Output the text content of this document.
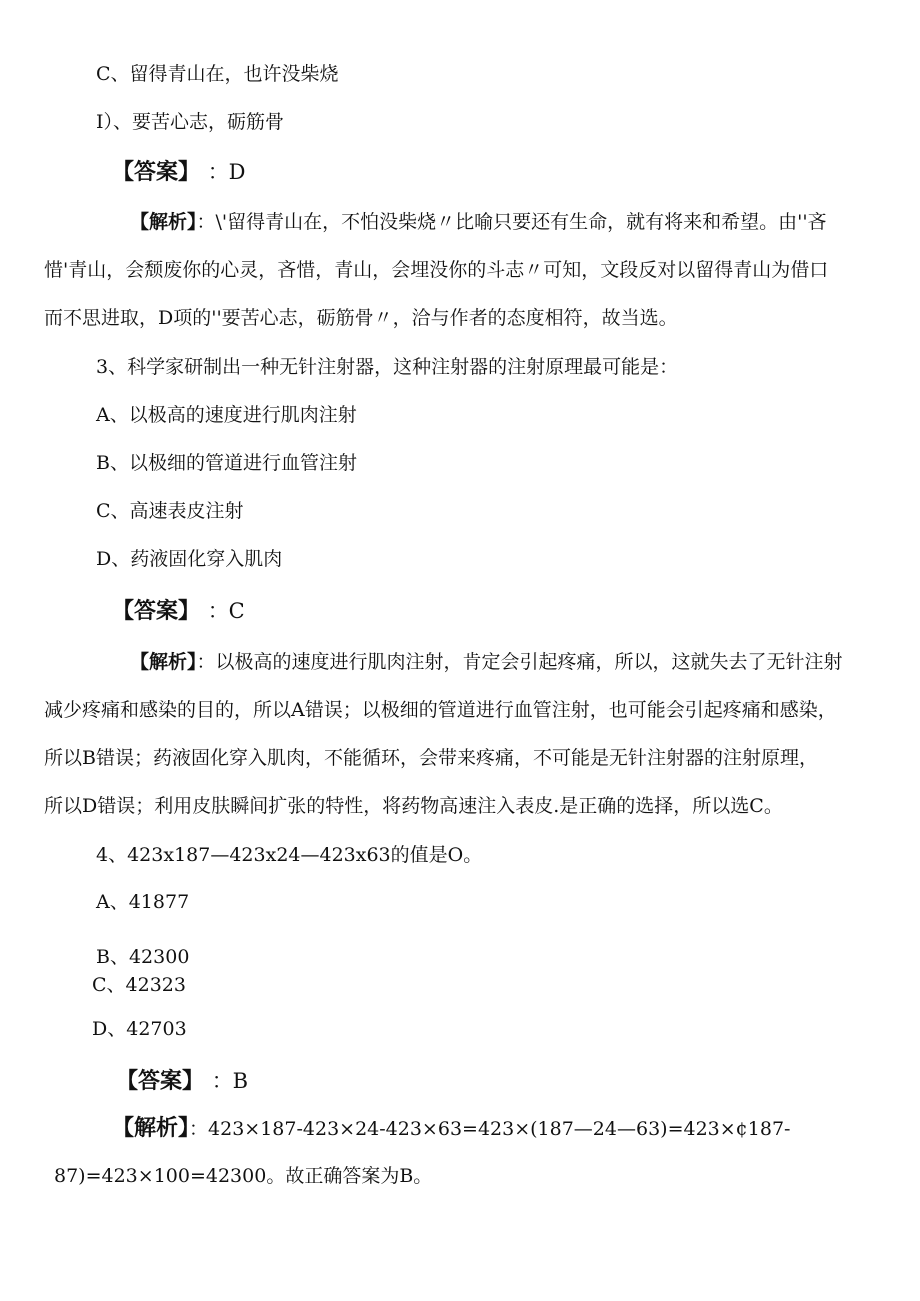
C、留得青山在，也许没柴烧
I）、要苦心志，砺筋骨
【答案】 ：D
【解析】：\'留得青山在，不怕没柴烧〃比喻只要还有生命，就有将来和希望。由''吝
惜'青山，会颓废你的心灵，吝惜，青山，会埋没你的斗志〃可知，文段反对以留得青山为借口
而不思进取，D项的''要苦心志，砺筋骨〃，洽与作者的态度相符，故当选。
3、科学家研制出一种无针注射器，这种注射器的注射原理最可能是：
A、以极高的速度进行肌肉注射
B、以极细的管道进行血管注射
C、高速表皮注射
D、药液固化穿入肌肉
【答案】 ：C
【解析】：以极高的速度进行肌肉注射，肯定会引起疼痛，所以，这就失去了无针注射
减少疼痛和感染的目的，所以A错误；以极细的管道进行血管注射，也可能会引起疼痛和感染，
所以B错误；药液固化穿入肌肉，不能循环，会带来疼痛，不可能是无针注射器的注射原理，
所以D错误；利用皮肤瞬间扩张的特性，将药物高速注入表皮.是正确的选择，所以选C。
4、423x187—423x24—423x63的值是O。
A、41877
B、42300
C、42323
D、42703
【答案】 ：B
【解析】：423×187-423×24-423×63=423×(187—24—63)=423×¢187-
87)=423×100=42300。故正确答案为B。
